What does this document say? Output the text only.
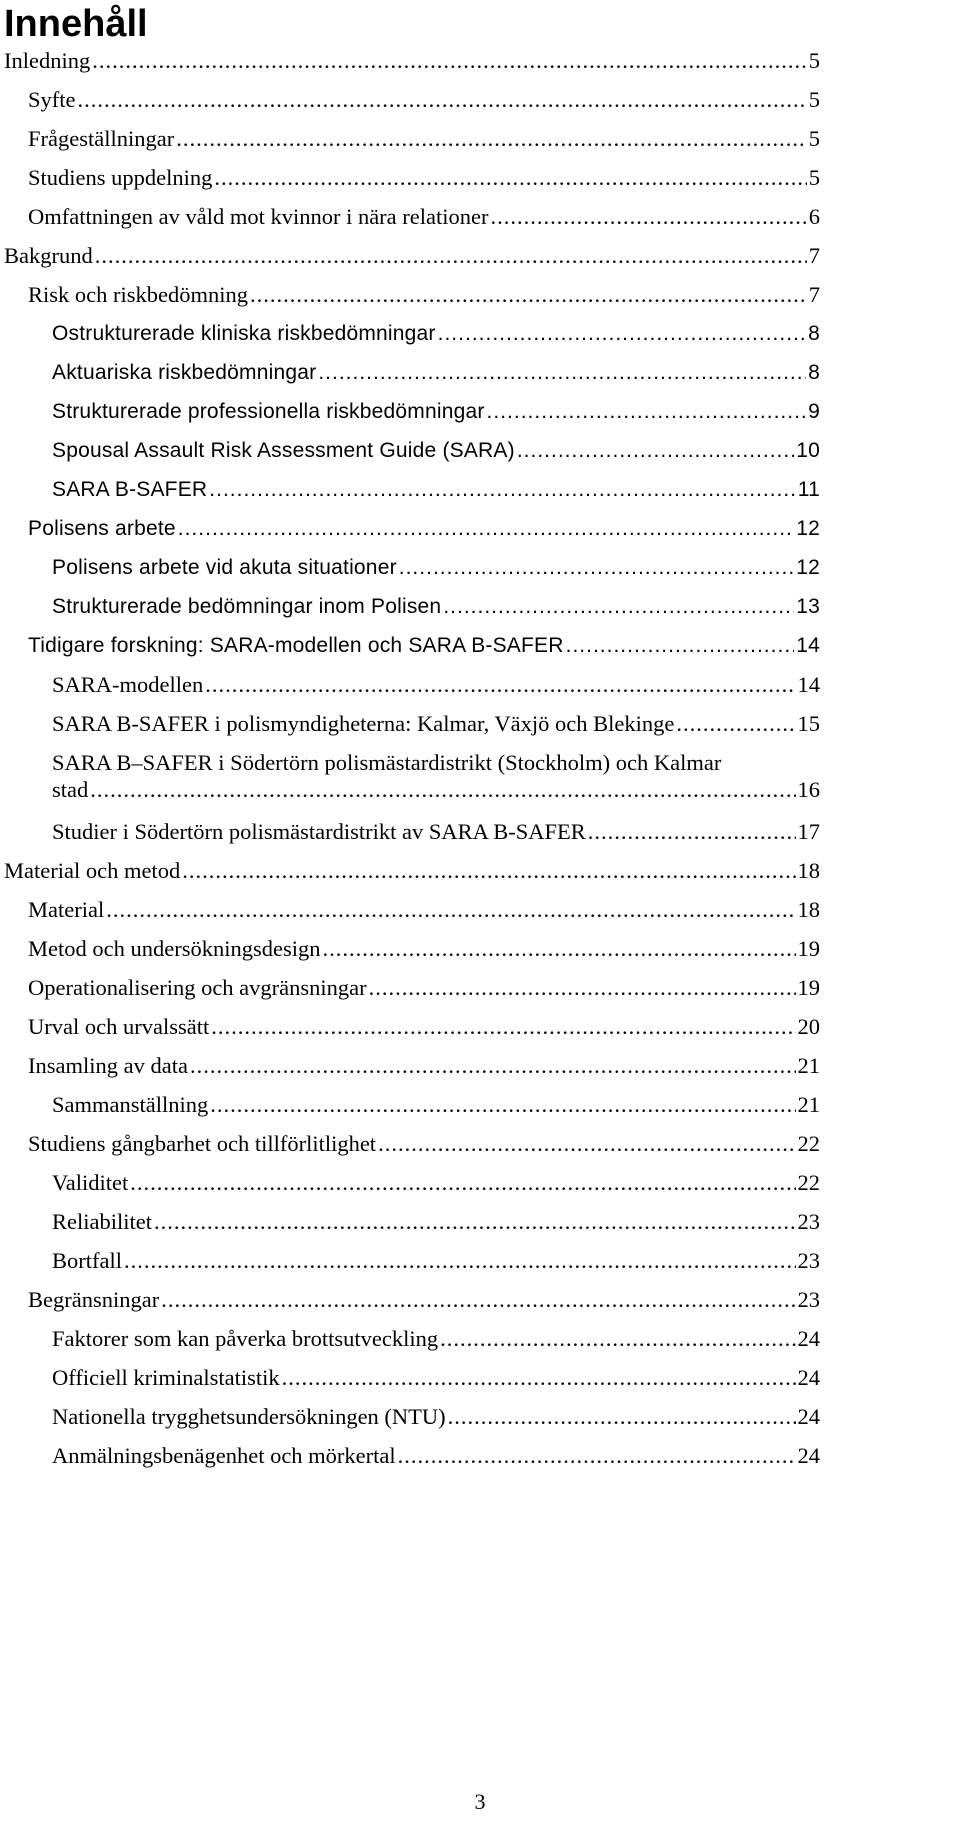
Innehåll
Inledning .....	5
Syfte .....	5
Frågeställningar .....	5
Studiens uppdelning .....	5
Omfattningen av våld mot kvinnor i nära relationer .....	6
Bakgrund .....	7
Risk och riskbedömning .....	7
Ostrukturerade kliniska riskbedömningar .....	8
Aktuariska riskbedömningar .....	8
Strukturerade professionella riskbedömningar .....	9
Spousal Assault Risk Assessment Guide (SARA) .....	10
SARA B-SAFER .....	11
Polisens arbete .....	12
Polisens arbete vid akuta situationer .....	12
Strukturerade bedömningar inom Polisen .....	13
Tidigare forskning: SARA-modellen och SARA B-SAFER .....	14
SARA-modellen .....	14
SARA B-SAFER i polismyndigheterna: Kalmar, Växjö och Blekinge .....	15
SARA B–SAFER i Södertörn polismästardistrikt (Stockholm) och Kalmar
stad .....	16
Studier i Södertörn polismästardistrikt av SARA B-SAFER .....	17
Material och metod .....	18
Material .....	18
Metod och undersökningsdesign .....	19
Operationalisering och avgränsningar .....	19
Urval och urvalssätt .....	20
Insamling av data .....	21
Sammanställning .....	21
Studiens gångbarhet och tillförlitlighet .....	22
Validitet .....	22
Reliabilitet .....	23
Bortfall .....	23
Begränsningar .....	23
Faktorer som kan påverka brottsutveckling .....	24
Officiell kriminalstatistik .....	24
Nationella trygghetsundersökningen (NTU) .....	24
Anmälningsbenägenhet och mörkertal .....	24
3
